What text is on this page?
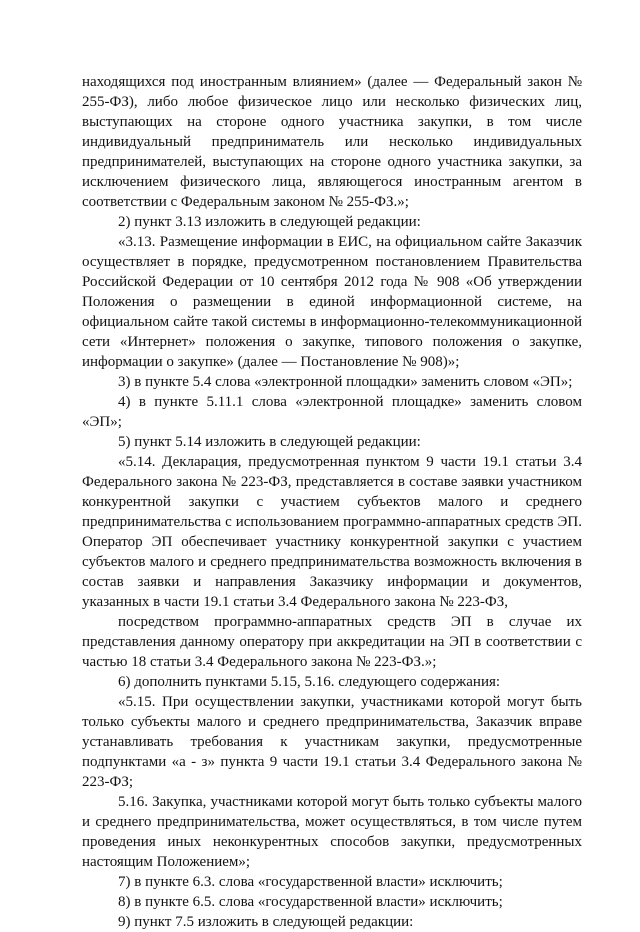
находящихся под иностранным влиянием» (далее — Федеральный закон № 255-ФЗ), либо любое физическое лицо или несколько физических лиц, выступающих на стороне одного участника закупки, в том числе индивидуальный предприниматель или несколько индивидуальных предпринимателей, выступающих на стороне одного участника закупки, за исключением физического лица, являющегося иностранным агентом в соответствии с Федеральным законом № 255-ФЗ.»;

2) пункт 3.13 изложить в следующей редакции:

«3.13. Размещение информации в ЕИС, на официальном сайте Заказчик осуществляет в порядке, предусмотренном постановлением Правительства Российской Федерации от 10 сентября 2012 года № 908 «Об утверждении Положения о размещении в единой информационной системе, на официальном сайте такой системы в информационно-телекоммуникационной сети «Интернет» положения о закупке, типового положения о закупке, информации о закупке» (далее — Постановление № 908)»;

3) в пункте 5.4 слова «электронной площадки» заменить словом «ЭП»;

4) в пункте 5.11.1 слова «электронной площадке» заменить словом «ЭП»;

5) пункт 5.14 изложить в следующей редакции:

«5.14. Декларация, предусмотренная пунктом 9 части 19.1 статьи 3.4 Федерального закона № 223-ФЗ, представляется в составе заявки участником конкурентной закупки с участием субъектов малого и среднего предпринимательства с использованием программно-аппаратных средств ЭП. Оператор ЭП обеспечивает участнику конкурентной закупки с участием субъектов малого и среднего предпринимательства возможность включения в состав заявки и направления Заказчику информации и документов, указанных в части 19.1 статьи 3.4 Федерального закона № 223-ФЗ,

посредством программно-аппаратных средств ЭП в случае их представления данному оператору при аккредитации на ЭП в соответствии с частью 18 статьи 3.4 Федерального закона № 223-ФЗ.»;

6) дополнить пунктами 5.15, 5.16. следующего содержания:

«5.15. При осуществлении закупки, участниками которой могут быть только субъекты малого и среднего предпринимательства, Заказчик вправе устанавливать требования к участникам закупки, предусмотренные подпунктами «а - з» пункта 9 части 19.1 статьи 3.4 Федерального закона № 223-ФЗ;

5.16. Закупка, участниками которой могут быть только субъекты малого и среднего предпринимательства, может осуществляться, в том числе путем проведения иных неконкурентных способов закупки, предусмотренных настоящим Положением»;

7) в пункте 6.3. слова «государственной власти» исключить;

8) в пункте 6.5. слова «государственной власти» исключить;

9) пункт 7.5 изложить в следующей редакции:
